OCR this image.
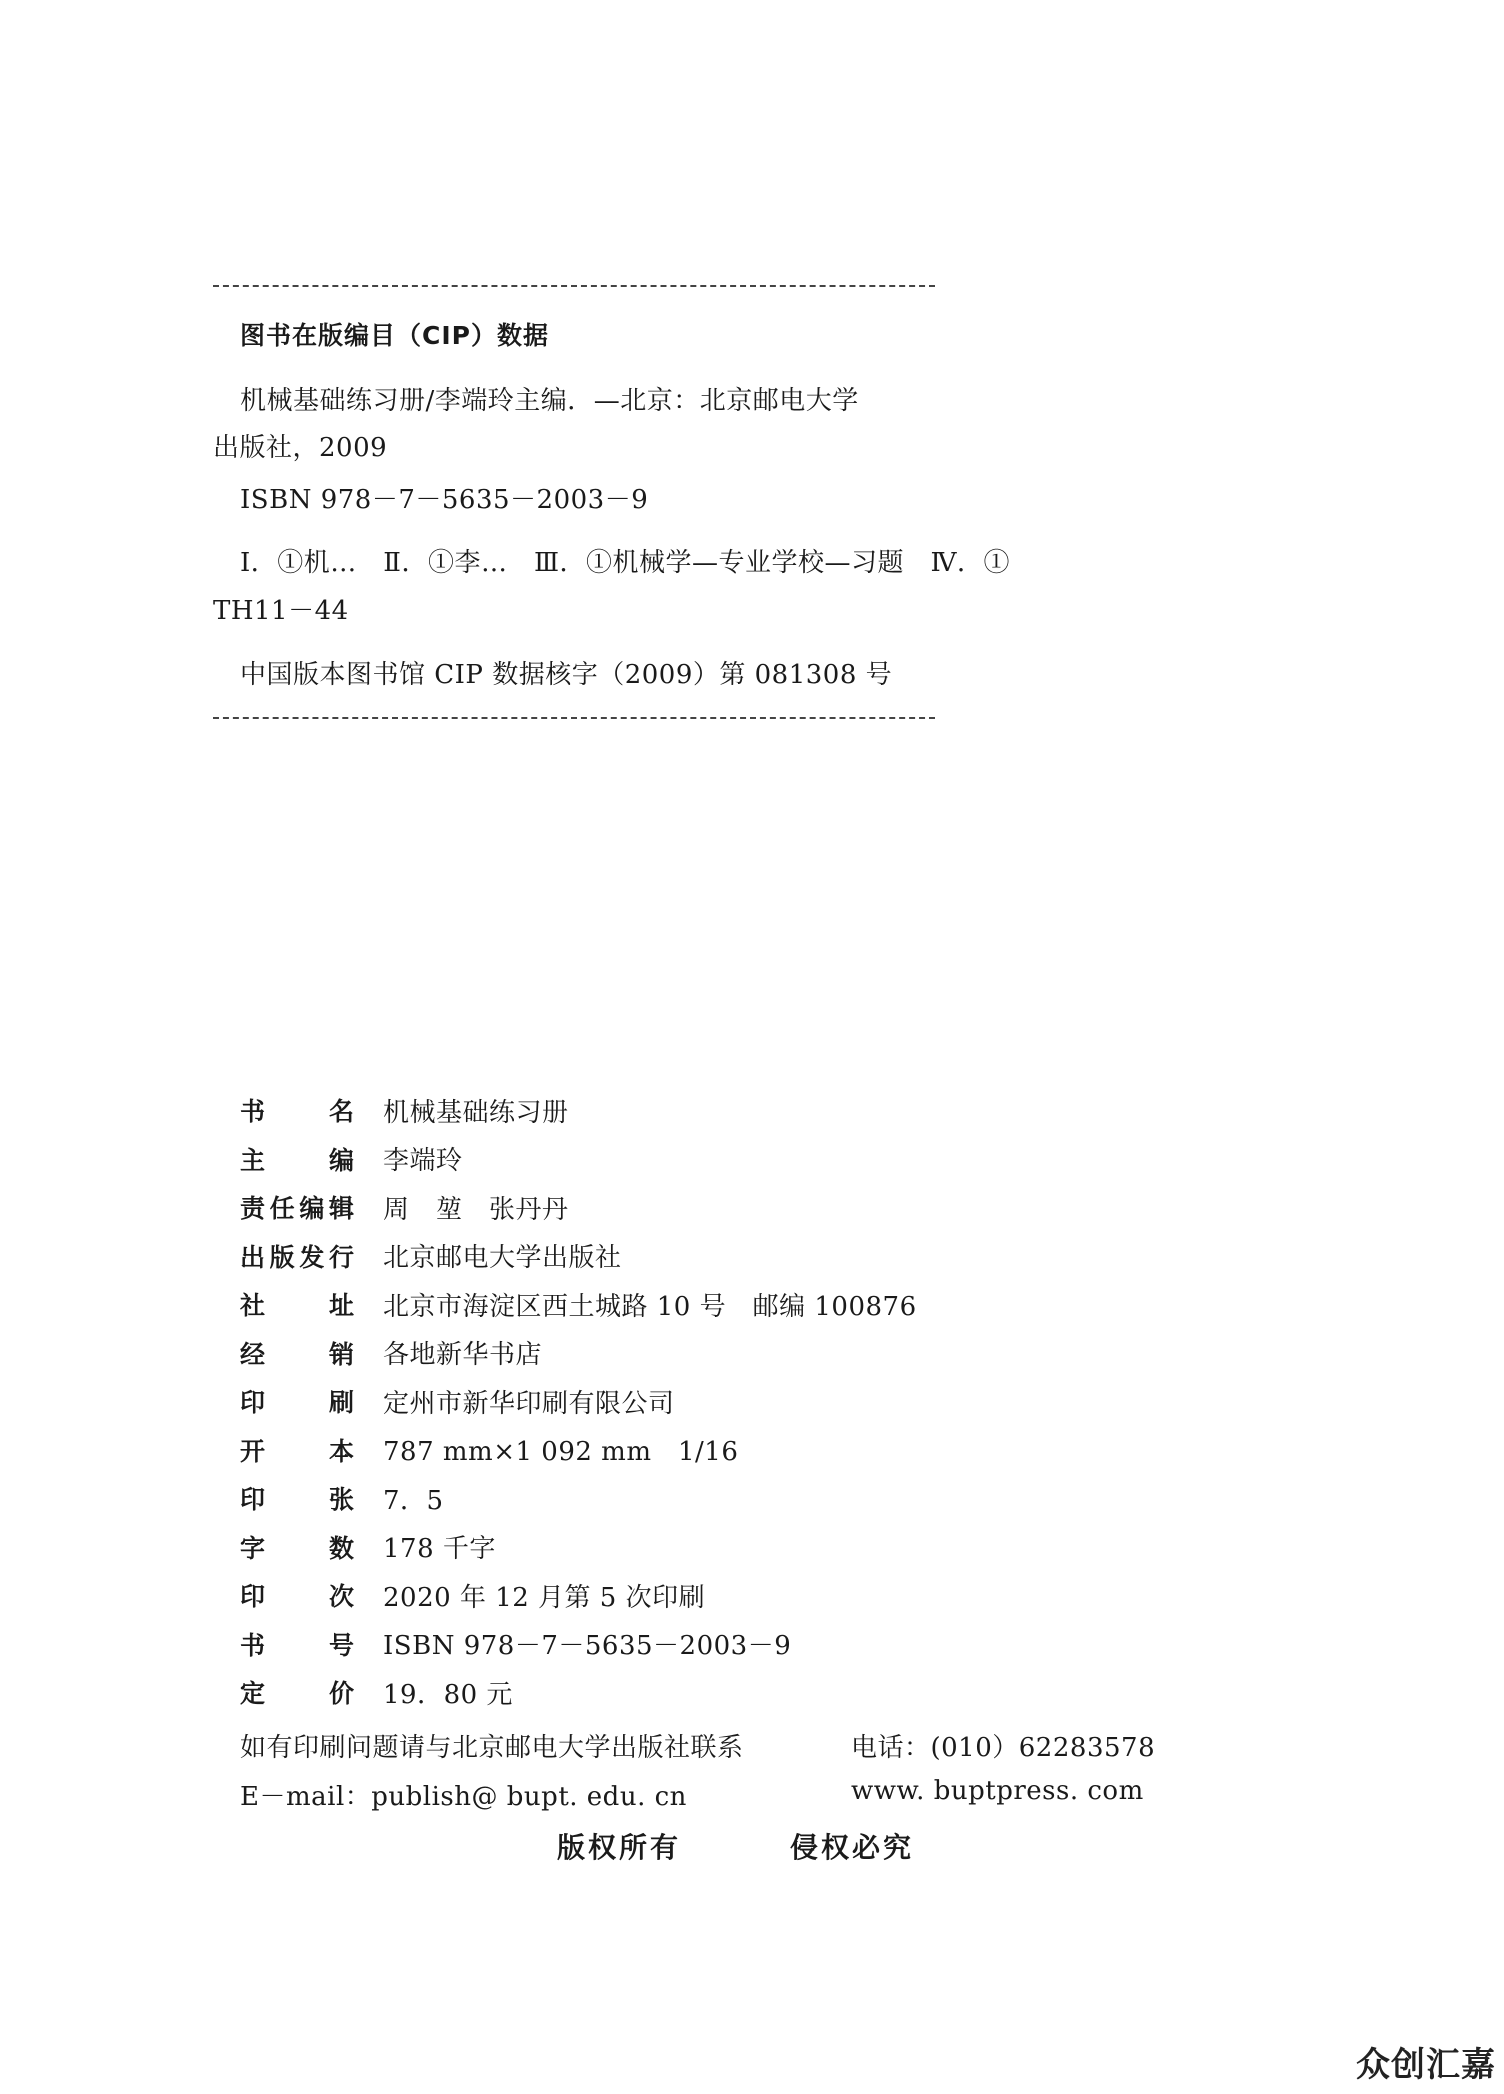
图书在版编目（CIP）数据
机械基础练习册/李端玲主编．—北京：北京邮电大学
出版社，2009
ISBN 978－7－5635－2003－9
Ⅰ．①机…　Ⅱ．①李…　Ⅲ．①机械学—专业学校—习题　Ⅳ．①
TH11－44
中国版本图书馆 CIP 数据核字（2009）第 081308 号
书	名 机械基础练习册
主	编 李端玲
责 任 编 辑 周　堃　张丹丹
出 版 发 行 北京邮电大学出版社
社	址 北京市海淀区西土城路 10 号　邮编 100876
经	销 各地新华书店
印	刷 定州市新华印刷有限公司
开	本 787 mm×1 092 mm　1/16
印	张 7．5
字	数 178 千字
印	次 2020 年 12 月第 5 次印刷
书	号 ISBN 978－7－5635－2003－9
定	价 19．80 元
如有印刷问题请与北京邮电大学出版社联系	电话：(010）62283578
E－mail：publish@ bupt. edu. cn	www. buptpress. com
版权所有	侵权必究
众创汇嘉
